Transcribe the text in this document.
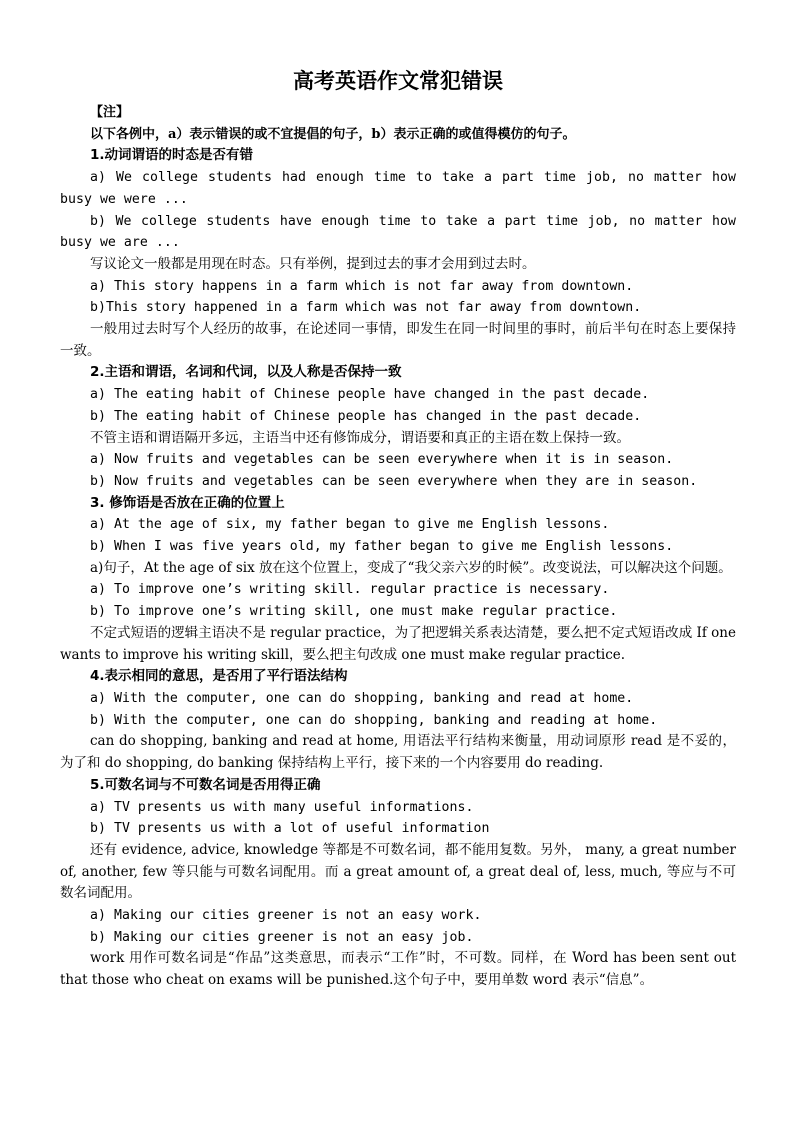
高考英语作文常犯错误
【注】
以下各例中，a）表示错误的或不宜提倡的句子，b）表示正确的或值得模仿的句子。
1.动词谓语的时态是否有错
a) We college students had enough time to take a part time job, no matter how busy we were ...
b) We college students have enough time to take a part time job, no matter how busy we are ...
写议论文一般都是用现在时态。只有举例，提到过去的事才会用到过去时。
a) This story happens in a farm which is not far away from downtown.
b)This story happened in a farm which was not far away from downtown.
一般用过去时写个人经历的故事，在论述同一事情，即发生在同一时间里的事时，前后半句在时态上要保持一致。
2.主语和谓语，名词和代词，以及人称是否保持一致
a) The eating habit of Chinese people have changed in the past decade.
b) The eating habit of Chinese people has changed in the past decade.
不管主语和谓语隔开多远，主语当中还有修饰成分，谓语要和真正的主语在数上保持一致。
a) Now fruits and vegetables can be seen everywhere when it is in season.
b) Now fruits and vegetables can be seen everywhere when they are in season.
3. 修饰语是否放在正确的位置上
a) At the age of six, my father began to give me English lessons.
b) When I was five years old, my father began to give me English lessons.
a)句子，At the age of six 放在这个位置上，变成了“我父亲六岁的时候”。改变说法，可以解决这个问题。
a) To improve one’s writing skill. regular practice is necessary.
b) To improve one’s writing skill, one must make regular practice.
不定式短语的逻辑主语决不是 regular practice，为了把逻辑关系表达清楚，要么把不定式短语改成 If one wants to improve his writing skill，要么把主句改成 one must make regular practice.
4.表示相同的意思，是否用了平行语法结构
a) With the computer, one can do shopping, banking and read at home.
b) With the computer, one can do shopping, banking and reading at home.
can do shopping, banking and read at home, 用语法平行结构来衡量，用动词原形 read 是不妥的，为了和 do shopping, do banking 保持结构上平行，接下来的一个内容要用 do reading.
5.可数名词与不可数名词是否用得正确
a) TV presents us with many useful informations.
b) TV presents us with a lot of useful information
还有 evidence, advice, knowledge 等都是不可数名词，都不能用复数。另外， many, a great number of, another, few 等只能与可数名词配用。而 a great amount of, a great deal of, less, much, 等应与不可数名词配用。
a) Making our cities greener is not an easy work.
b) Making our cities greener is not an easy job.
work 用作可数名词是“作品”这类意思，而表示“工作”时，不可数。同样，在 Word has been sent out that those who cheat on exams will be punished.这个句子中，要用单数 word 表示“信息”。
